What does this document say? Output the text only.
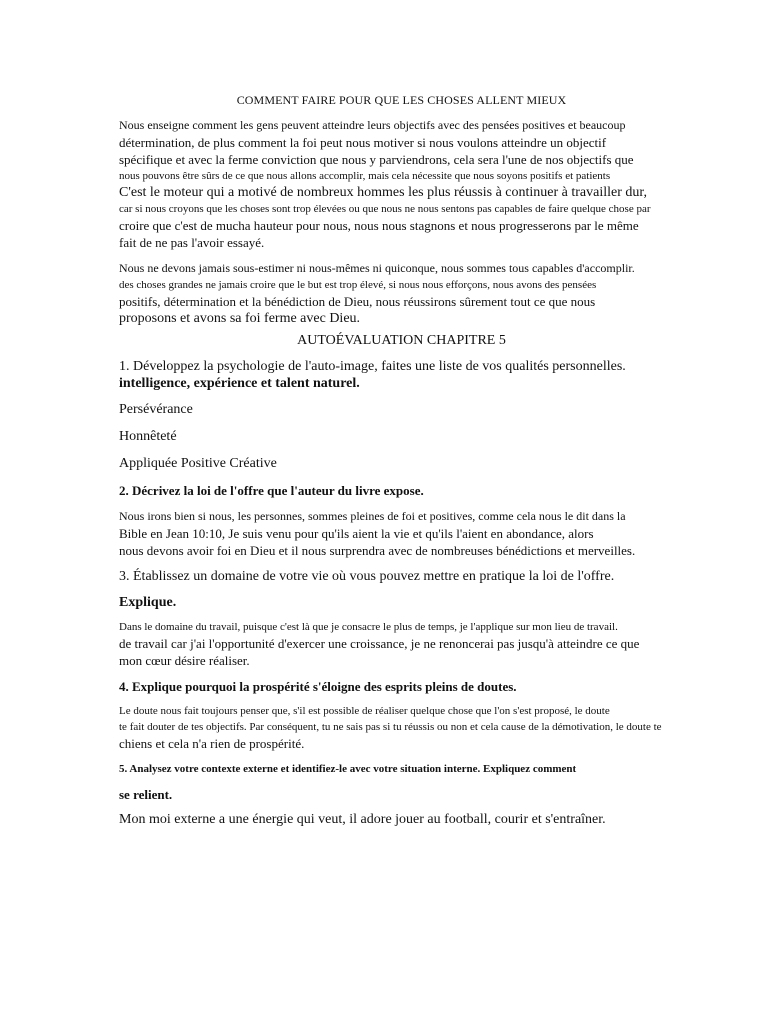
COMMENT FAIRE POUR QUE LES CHOSES ALLENT MIEUX
Nous enseigne comment les gens peuvent atteindre leurs objectifs avec des pensées positives et beaucoup
détermination, de plus comment la foi peut nous motiver si nous voulons atteindre un objectif
spécifique et avec la ferme conviction que nous y parviendrons, cela sera l'une de nos objectifs que
nous pouvons être sûrs de ce que nous allons accomplir, mais cela nécessite que nous soyons positifs et patients
C'est le moteur qui a motivé de nombreux hommes les plus réussis à continuer à travailler dur,
car si nous croyons que les choses sont trop élevées ou que nous ne nous sentons pas capables de faire quelque chose par
croire que c'est de mucha hauteur pour nous, nous nous stagnons et nous progresserons par le même
fait de ne pas l'avoir essayé.
Nous ne devons jamais sous-estimer ni nous-mêmes ni quiconque, nous sommes tous capables d'accomplir.
des choses grandes ne jamais croire que le but est trop élevé, si nous nous efforçons, nous avons des pensées
positifs, détermination et la bénédiction de Dieu, nous réussirons sûrement tout ce que nous
proposons et avons sa foi ferme avec Dieu.
AUTOÉVALUATION CHAPITRE 5
1. Développez la psychologie de l'auto-image, faites une liste de vos qualités personnelles.
intelligence, expérience et talent naturel.
Persévérance
Honnêteté
Appliquée Positive Créative
2. Décrivez la loi de l'offre que l'auteur du livre expose.
Nous irons bien si nous, les personnes, sommes pleines de foi et positives, comme cela nous le dit dans la
Bible en Jean 10:10, Je suis venu pour qu'ils aient la vie et qu'ils l'aient en abondance, alors
nous devons avoir foi en Dieu et il nous surprendra avec de nombreuses bénédictions et merveilles.
3. Établissez un domaine de votre vie où vous pouvez mettre en pratique la loi de l'offre.
Explique.
Dans le domaine du travail, puisque c'est là que je consacre le plus de temps, je l'applique sur mon lieu de travail.
de travail car j'ai l'opportunité d'exercer une croissance, je ne renoncerai pas jusqu'à atteindre ce que
mon cœur désire réaliser.
4. Explique pourquoi la prospérité s'éloigne des esprits pleins de doutes.
Le doute nous fait toujours penser que, s'il est possible de réaliser quelque chose que l'on s'est proposé, le doute
te fait douter de tes objectifs. Par conséquent, tu ne sais pas si tu réussis ou non et cela cause de la démotivation, le doute te
chiens et cela n'a rien de prospérité.
5. Analysez votre contexte externe et identifiez-le avec votre situation interne. Expliquez comment
se relient.
Mon moi externe a une énergie qui veut, il adore jouer au football, courir et s'entraîner.
